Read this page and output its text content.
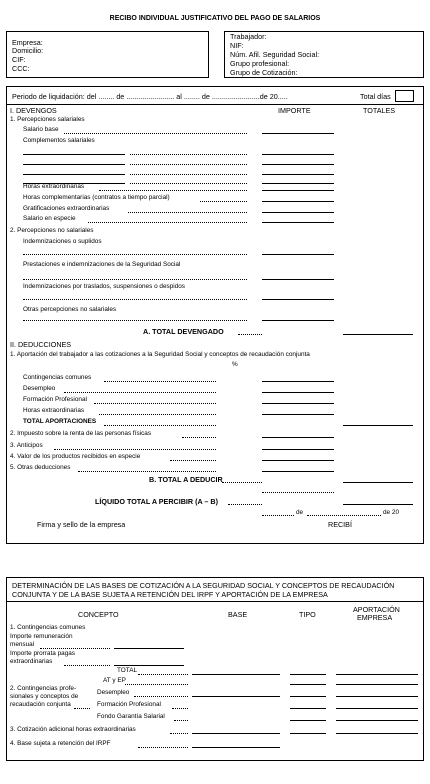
RECIBO INDIVIDUAL JUSTIFICATIVO DEL PAGO DE SALARIOS
Empresa:
Domicilio:
CIF:
CCC:
Trabajador:
NIF:
Núm. Afil. Seguridad Social:
Grupo profesional:
Grupo de Cotización:
Periodo de liquidación: del ........ de ........................ al ........ de ........................de 20.....	Total días
I. DEVENGOS	IMPORTE	TOTALES
1. Percepciones salariales
Salario base
Complementos salariales
Horas extraordinarias
Horas complementarias (contratos a tiempo parcial)
Gratificaciones extraordinarias
Salario en especie
2. Percepciones no salariales
Indemnizaciones o suplidos
Prestaciones e indemnizaciones de la Seguridad Social
Indemnizaciones por traslados, suspensiones o despidos
Otras percepciones no salariales
A. TOTAL DEVENGADO
II. DEDUCCIONES
1. Aportación del trabajador a las cotizaciones a la Seguridad Social y conceptos de recaudación conjunta
%
Contingencias comunes
Desempleo
Formación Profesional
Horas extraordinarias
TOTAL APORTACIONES
2. Impuesto sobre la renta de las personas físicas
3. Anticipos
4. Valor de los productos recibidos en especie
5. Otras deducciones
B. TOTAL A DEDUCIR
LÍQUIDO TOTAL A PERCIBIR (A – B)
de	de 20
Firma y sello de la empresa	RECIBÍ
DETERMINACIÓN DE LAS BASES DE COTIZACIÓN A LA SEGURIDAD SOCIAL Y CONCEPTOS DE RECAUDACIÓN
CONJUNTA Y DE LA BASE SUJETA A RETENCIÓN DEL IRPF Y APORTACIÓN DE LA EMPRESA
CONCEPTO	BASE	TIPO
APORTACIÓN
EMPRESA
1. Contingencias comunes
Importe remuneración
mensual
Importe prorrata pagas
extraordinarias
TOTAL
AT y EP
2. Contingencias profe-
sionales y conceptos de
recaudación conjunta
Desempleo
Formación Profesional
Fondo Garantía Salarial
3. Cotización adicional horas extraordinarias
4. Base sujeta a retención del IRPF
